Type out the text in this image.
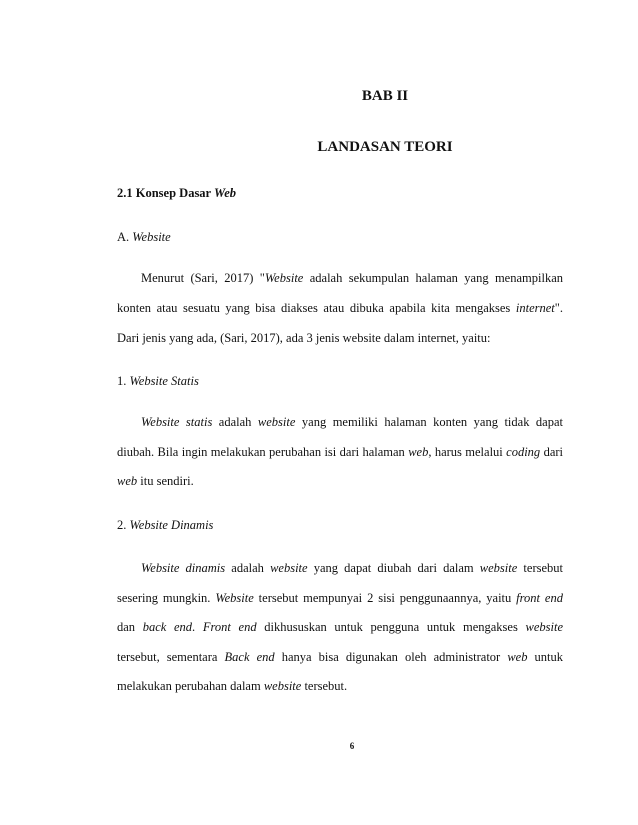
BAB II
LANDASAN TEORI
2.1 Konsep Dasar Web
A. Website
Menurut (Sari, 2017) "Website adalah sekumpulan halaman yang menampilkan
konten atau sesuatu yang bisa diakses atau dibuka apabila kita mengakses internet".
Dari jenis yang ada, (Sari, 2017), ada 3 jenis website dalam internet, yaitu:
1. Website Statis
Website statis adalah website yang memiliki halaman konten yang tidak dapat
diubah. Bila ingin melakukan perubahan isi dari halaman web, harus melalui coding dari
web itu sendiri.
2. Website Dinamis
Website dinamis adalah website yang dapat diubah dari dalam website tersebut
sesering mungkin. Website tersebut mempunyai 2 sisi penggunaannya, yaitu front end
dan back end. Front end dikhususkan untuk pengguna untuk mengakses website
tersebut, sementara Back end hanya bisa digunakan oleh administrator web untuk
melakukan perubahan dalam website tersebut.
6
